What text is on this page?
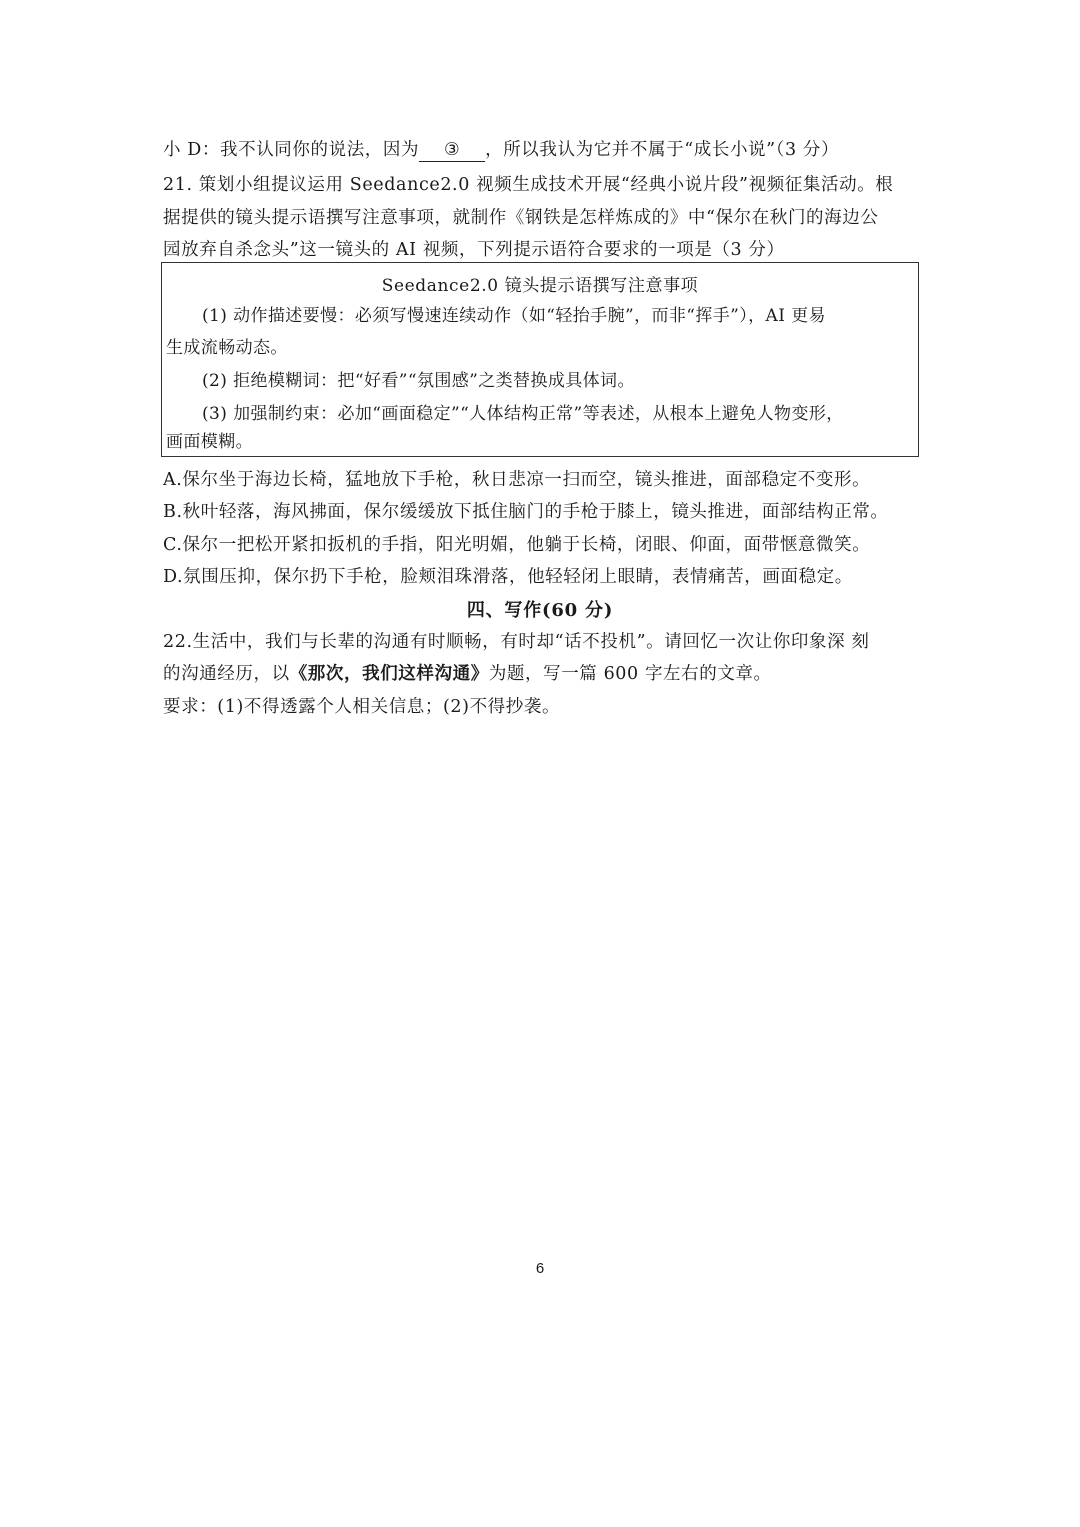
小 D：我不认同你的说法，因为 ③ ，所以我认为它并不属于“成长小说”（3 分）
21. 策划小组提议运用 Seedance2.0 视频生成技术开展“经典小说片段”视频征集活动。根
据提供的镜头提示语撰写注意事项，就制作《钢铁是怎样炼成的》中“保尔在秋门的海边公
园放弃自杀念头”这一镜头的 AI 视频，下列提示语符合要求的一项是（3 分）
Seedance2.0 镜头提示语撰写注意事项
(1) 动作描述要慢：必须写慢速连续动作（如“轻抬手腕”，而非“挥手”），AI 更易
生成流畅动态。
(2) 拒绝模糊词：把“好看”“氛围感”之类替换成具体词。
(3) 加强制约束：必加“画面稳定”“人体结构正常”等表述，从根本上避免人物变形，
画面模糊。
A.保尔坐于海边长椅，猛地放下手枪，秋日悲凉一扫而空，镜头推进，面部稳定不变形。
B.秋叶轻落，海风拂面，保尔缓缓放下抵住脑门的手枪于膝上，镜头推进，面部结构正常。
C.保尔一把松开紧扣扳机的手指，阳光明媚，他躺于长椅，闭眼、仰面，面带惬意微笑。
D.氛围压抑，保尔扔下手枪，脸颊泪珠滑落，他轻轻闭上眼睛，表情痛苦，画面稳定。
四、写作(60 分)
22.生活中，我们与长辈的沟通有时顺畅，有时却“话不投机”。请回忆一次让你印象深 刻
的沟通经历，以《那次，我们这样沟通》为题，写一篇 600 字左右的文章。
要求：(1)不得透露个人相关信息；(2)不得抄袭。
6
